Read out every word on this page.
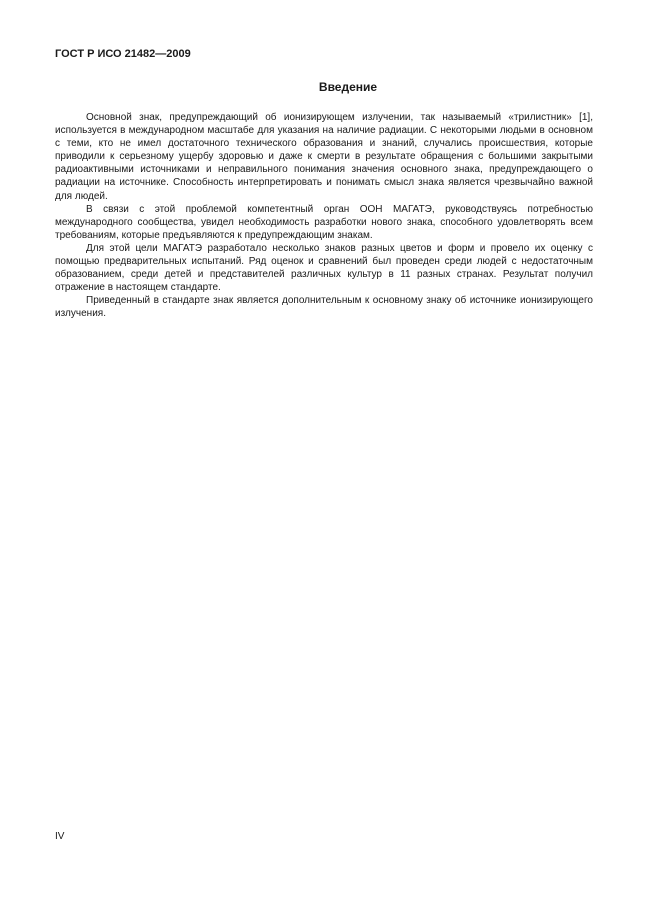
ГОСТ Р ИСО 21482—2009
Введение

Основной знак, предупреждающий об ионизирующем излучении, так называемый «трилистник» [1], используется в международном масштабе для указания на наличие радиации. С некоторыми людьми в основном с теми, кто не имел достаточного технического образования и знаний, случались происшествия, которые приводили к серьезному ущербу здоровью и даже к смерти в результате обращения с большими закрытыми радиоактивными источниками и неправильного понимания значения основного знака, предупреждающего о радиации на источнике. Способность интерпретировать и понимать смысл знака является чрезвычайно важной для людей.

В связи с этой проблемой компетентный орган ООН МАГАТЭ, руководствуясь потребностью международного сообщества, увидел необходимость разработки нового знака, способного удовлетворять всем требованиям, которые предъявляются к предупреждающим знакам.

Для этой цели МАГАТЭ разработало несколько знаков разных цветов и форм и провело их оценку с помощью предварительных испытаний. Ряд оценок и сравнений был проведен среди людей с недостаточным образованием, среди детей и представителей различных культур в 11 разных странах. Результат получил отражение в настоящем стандарте.

Приведенный в стандарте знак является дополнительным к основному знаку об источнике ионизирующего излучения.

IV
